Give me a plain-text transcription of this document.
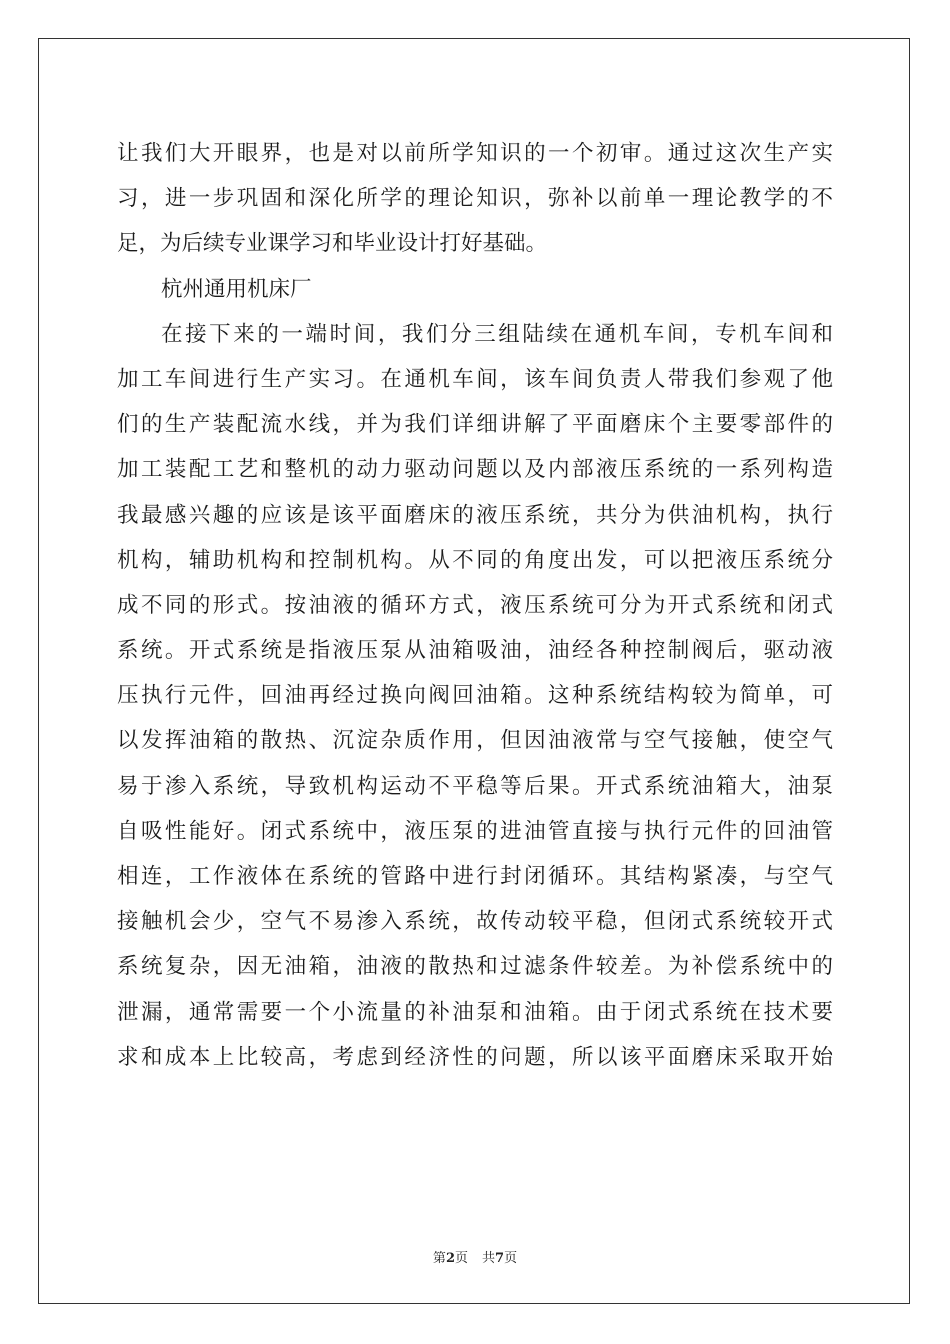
让我们大开眼界，也是对以前所学知识的一个初审。通过这次生产实
习，进一步巩固和深化所学的理论知识，弥补以前单一理论教学的不
足，为后续专业课学习和毕业设计打好基础。
杭州通用机床厂
在接下来的一端时间，我们分三组陆续在通机车间，专机车间和
加工车间进行生产实习。在通机车间，该车间负责人带我们参观了他
们的生产装配流水线，并为我们详细讲解了平面磨床个主要零部件的
加工装配工艺和整机的动力驱动问题以及内部液压系统的一系列构造
我最感兴趣的应该是该平面磨床的液压系统，共分为供油机构，执行
机构，辅助机构和控制机构。从不同的角度出发，可以把液压系统分
成不同的形式。按油液的循环方式，液压系统可分为开式系统和闭式
系统。开式系统是指液压泵从油箱吸油，油经各种控制阀后，驱动液
压执行元件，回油再经过换向阀回油箱。这种系统结构较为简单，可
以发挥油箱的散热、沉淀杂质作用，但因油液常与空气接触，使空气
易于渗入系统，导致机构运动不平稳等后果。开式系统油箱大，油泵
自吸性能好。闭式系统中，液压泵的进油管直接与执行元件的回油管
相连，工作液体在系统的管路中进行封闭循环。其结构紧凑，与空气
接触机会少，空气不易渗入系统，故传动较平稳，但闭式系统较开式
系统复杂，因无油箱，油液的散热和过滤条件较差。为补偿系统中的
泄漏，通常需要一个小流量的补油泵和油箱。由于闭式系统在技术要
求和成本上比较高，考虑到经济性的问题，所以该平面磨床采取开始
第2页 共7页
